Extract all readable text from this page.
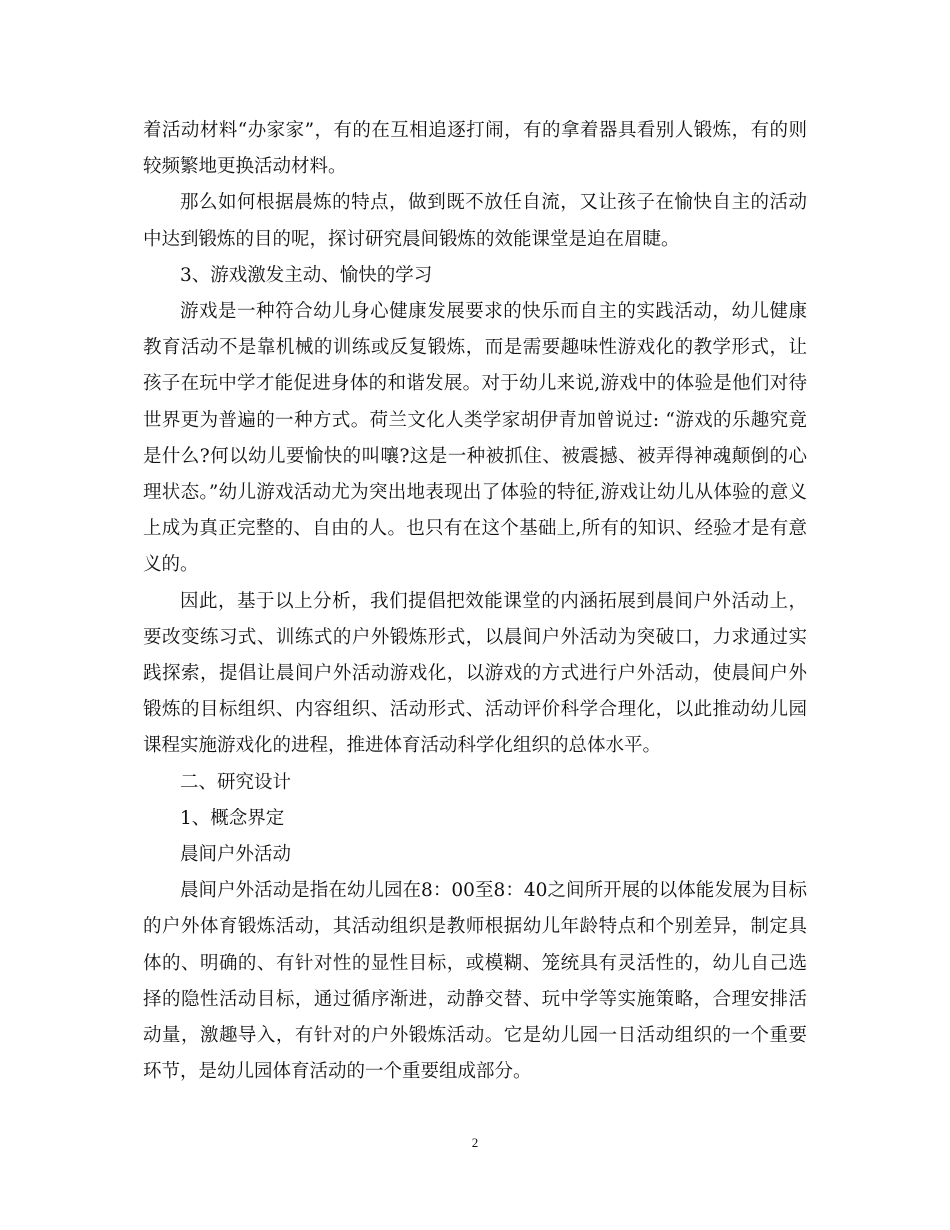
着活动材料“办家家”，有的在互相追逐打闹，有的拿着器具看别人锻炼，有的则较频繁地更换活动材料。

那么如何根据晨炼的特点，做到既不放任自流，又让孩子在愉快自主的活动中达到锻炼的目的呢，探讨研究晨间锻炼的效能课堂是迫在眉睫。

3、游戏激发主动、愉快的学习

游戏是一种符合幼儿身心健康发展要求的快乐而自主的实践活动，幼儿健康教育活动不是靠机械的训练或反复锻炼，而是需要趣味性游戏化的教学形式，让孩子在玩中学才能促进身体的和谐发展。对于幼儿来说,游戏中的体验是他们对待世界更为普遍的一种方式。荷兰文化人类学家胡伊青加曾说过: “游戏的乐趣究竟是什么?何以幼儿要愉快的叫嚷?这是一种被抓住、被震撼、被弄得神魂颠倒的心理状态。”幼儿游戏活动尤为突出地表现出了体验的特征,游戏让幼儿从体验的意义上成为真正完整的、自由的人。也只有在这个基础上,所有的知识、经验才是有意义的。

因此，基于以上分析，我们提倡把效能课堂的内涵拓展到晨间户外活动上，要改变练习式、训练式的户外锻炼形式，以晨间户外活动为突破口，力求通过实践探索，提倡让晨间户外活动游戏化，以游戏的方式进行户外活动，使晨间户外锻炼的目标组织、内容组织、活动形式、活动评价科学合理化，以此推动幼儿园课程实施游戏化的进程，推进体育活动科学化组织的总体水平。

二、研究设计

1、概念界定

晨间户外活动

晨间户外活动是指在幼儿园在8：00至8：40之间所开展的以体能发展为目标的户外体育锻炼活动，其活动组织是教师根据幼儿年龄特点和个别差异，制定具体的、明确的、有针对性的显性目标，或模糊、笼统具有灵活性的，幼儿自己选择的隐性活动目标，通过循序渐进，动静交替、玩中学等实施策略，合理安排活动量，激趣导入，有针对的户外锻炼活动。它是幼儿园一日活动组织的一个重要环节，是幼儿园体育活动的一个重要组成部分。

2
